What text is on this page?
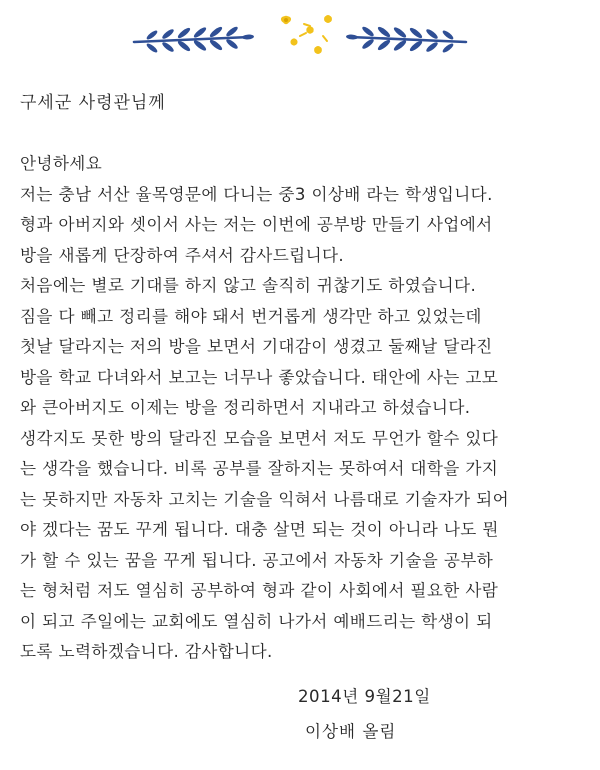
구세군 사령관님께
안녕하세요
저는 충남 서산 율목영문에 다니는 중3 이상배 라는 학생입니다.
형과 아버지와 셋이서 사는 저는 이번에 공부방 만들기 사업에서
방을 새롭게 단장하여 주셔서 감사드립니다.
처음에는 별로 기대를 하지 않고 솔직히 귀찮기도 하였습니다.
짐을 다 빼고 정리를 해야 돼서 번거롭게 생각만 하고 있었는데
첫날 달라지는 저의 방을 보면서 기대감이 생겼고 둘째날 달라진
방을 학교 다녀와서 보고는 너무나 좋았습니다. 태안에 사는 고모
와 큰아버지도 이제는 방을 정리하면서 지내라고 하셨습니다.
생각지도 못한 방의 달라진 모습을 보면서 저도 무언가 할수 있다
는 생각을 했습니다. 비록 공부를 잘하지는 못하여서 대학을 가지
는 못하지만 자동차 고치는 기술을 익혀서 나름대로 기술자가 되어
야 겠다는 꿈도 꾸게 됩니다. 대충 살면 되는 것이 아니라 나도 뭔
가 할 수 있는 꿈을 꾸게 됩니다. 공고에서 자동차 기술을 공부하
는 형처럼 저도 열심히 공부하여 형과 같이 사회에서 필요한 사람
이 되고 주일에는 교회에도 열심히 나가서 예배드리는 학생이 되
도록 노력하겠습니다. 감사합니다.
2014년 9월21일
이상배 올림
